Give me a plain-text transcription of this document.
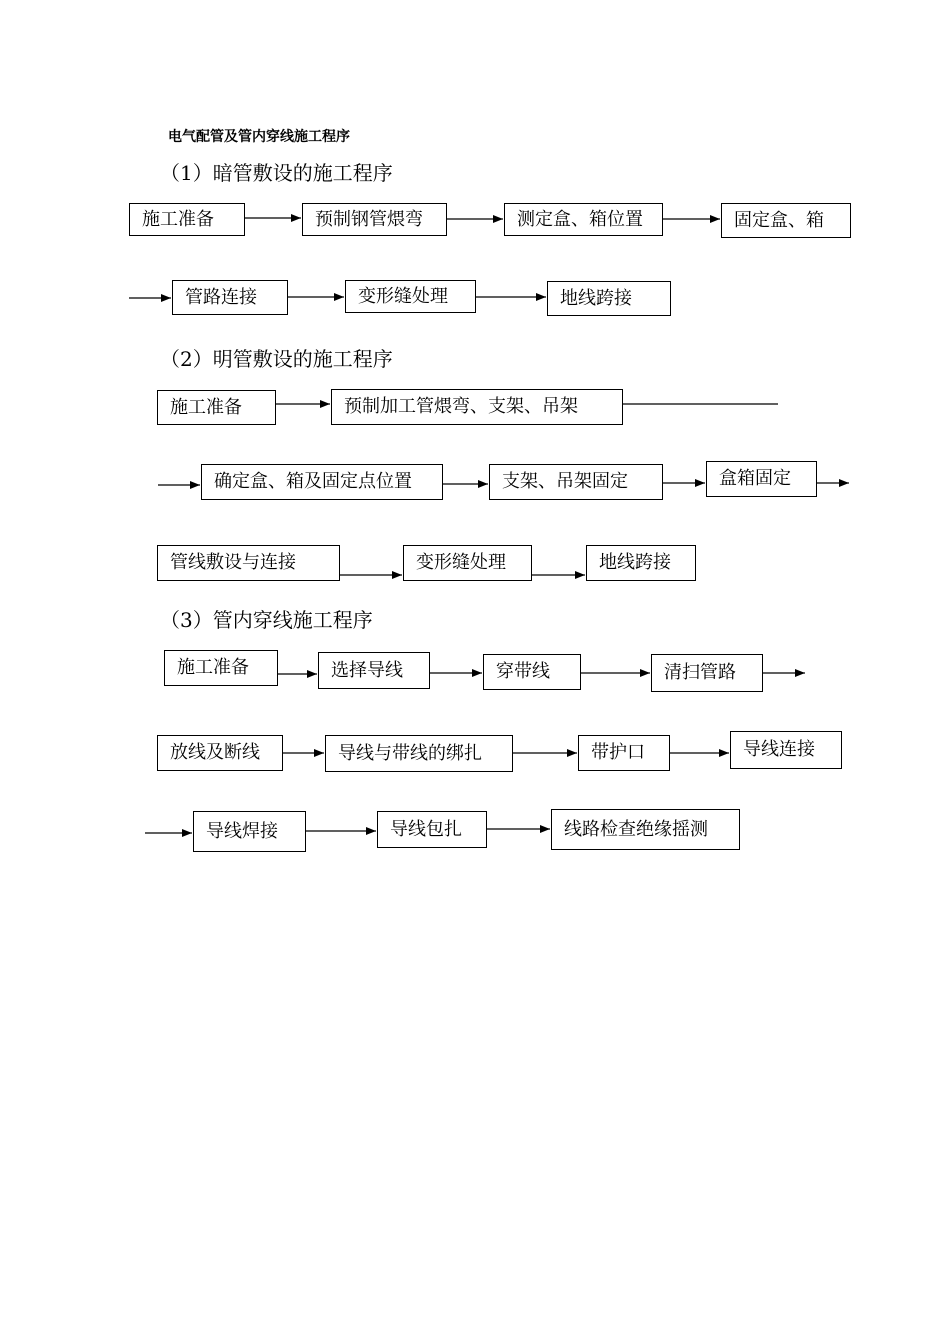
电气配管及管内穿线施工程序
（1）暗管敷设的施工程序
施工准备	预制钢管煨弯	测定盒、箱位置	固定盒、箱
管路连接	变形缝处理	地线跨接
（2）明管敷设的施工程序
施工准备	预制加工管煨弯、支架、吊架
确定盒、箱及固定点位置	支架、吊架固定	盒箱固定
管线敷设与连接	变形缝处理	地线跨接
（3）管内穿线施工程序
施工准备	选择导线	穿带线	清扫管路
放线及断线	导线与带线的绑扎	带护口	导线连接
导线焊接	导线包扎	线路检查绝缘摇测
